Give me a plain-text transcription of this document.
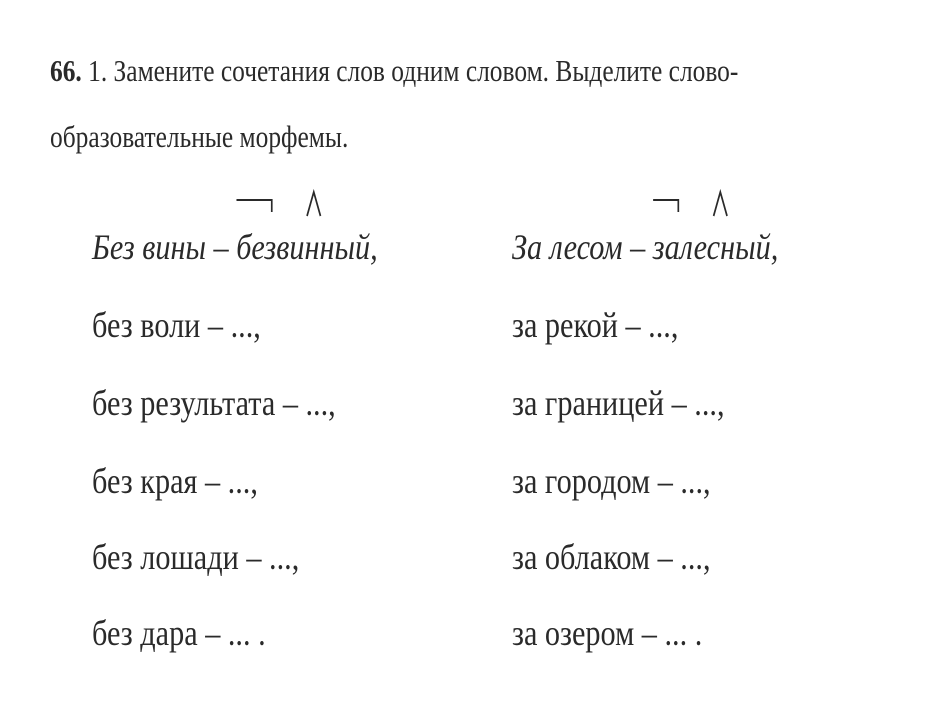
66. 1. Замените сочетания слов одним словом. Выделите слово-
образовательные морфемы.
Без вины –
безвинный,
без воли – ...,
без результата – ...,
без края – ...,
без лошади – ...,
без дара – ... .
За лесом –
залесный,
за рекой – ...,
за границей – ...,
за городом – ...,
за облаком – ...,
за озером – ... .
